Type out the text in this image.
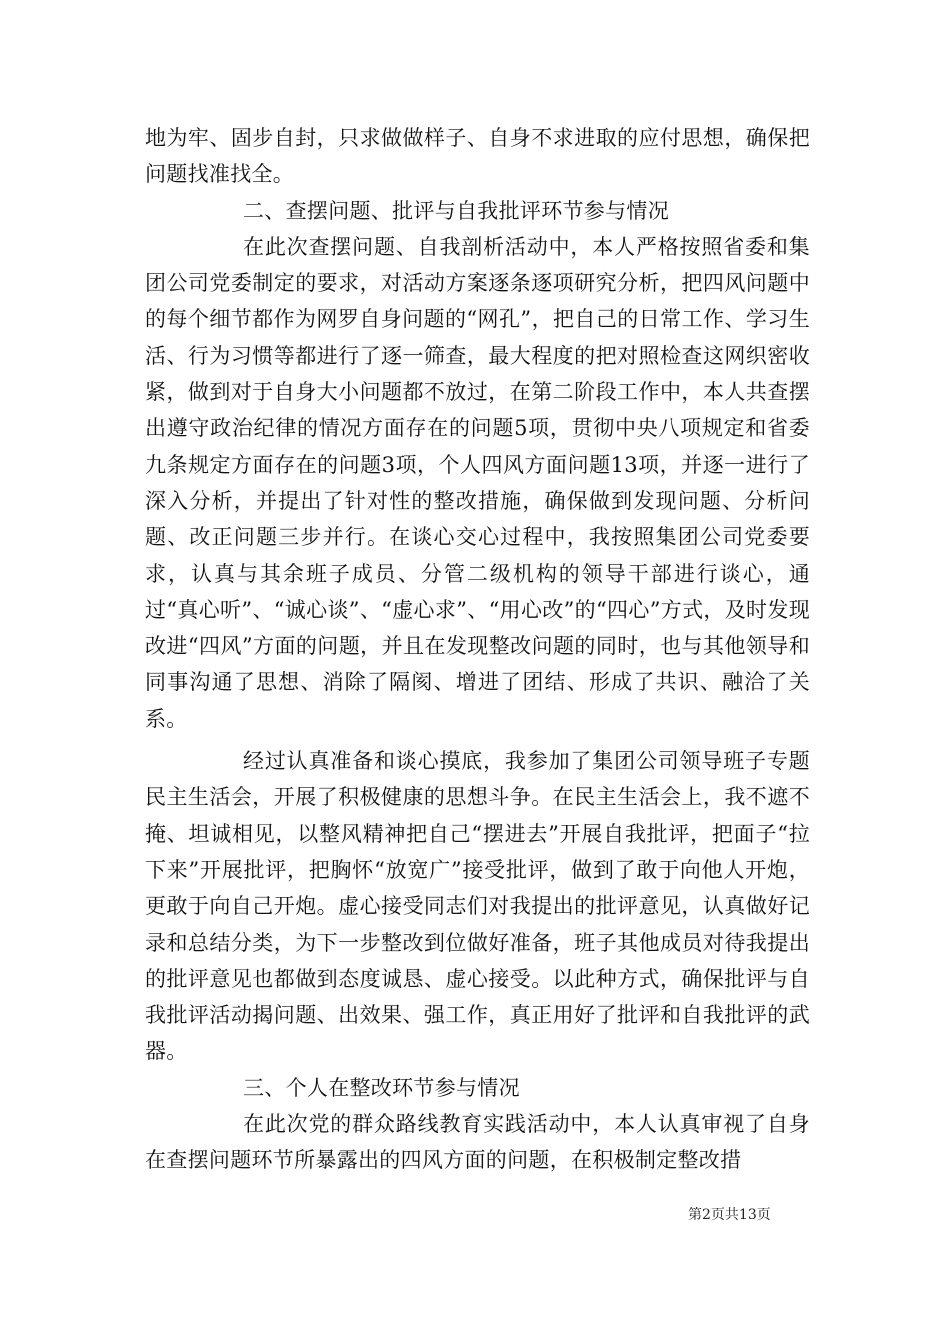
地为牢、固步自封，只求做做样子、自身不求进取的应付思想，确保把问题找准找全。

二、查摆问题、批评与自我批评环节参与情况

在此次查摆问题、自我剖析活动中，本人严格按照省委和集团公司党委制定的要求，对活动方案逐条逐项研究分析，把四风问题中的每个细节都作为网罗自身问题的“网孔”，把自己的日常工作、学习生活、行为习惯等都进行了逐一筛查，最大程度的把对照检查这网织密收紧，做到对于自身大小问题都不放过，在第二阶段工作中，本人共查摆出遵守政治纪律的情况方面存在的问题5项，贯彻中央八项规定和省委九条规定方面存在的问题3项，个人四风方面问题13项，并逐一进行了深入分析，并提出了针对性的整改措施，确保做到发现问题、分析问题、改正问题三步并行。在谈心交心过程中，我按照集团公司党委要求，认真与其余班子成员、分管二级机构的领导干部进行谈心，通过“真心听”、“诚心谈”、“虚心求”、“用心改”的“四心”方式，及时发现改进“四风”方面的问题，并且在发现整改问题的同时，也与其他领导和同事沟通了思想、消除了隔阂、增进了团结、形成了共识、融洽了关系。

经过认真准备和谈心摸底，我参加了集团公司领导班子专题民主生活会，开展了积极健康的思想斗争。在民主生活会上，我不遮不掩、坦诚相见，以整风精神把自己“摆进去”开展自我批评，把面子“拉下来”开展批评，把胸怀“放宽广”接受批评，做到了敢于向他人开炮，更敢于向自己开炮。虚心接受同志们对我提出的批评意见，认真做好记录和总结分类，为下一步整改到位做好准备，班子其他成员对待我提出的批评意见也都做到态度诚恳、虚心接受。以此种方式，确保批评与自我批评活动揭问题、出效果、强工作，真正用好了批评和自我批评的武器。

三、个人在整改环节参与情况

在此次党的群众路线教育实践活动中，本人认真审视了自身在查摆问题环节所暴露出的四风方面的问题，在积极制定整改措

第2页共13页
